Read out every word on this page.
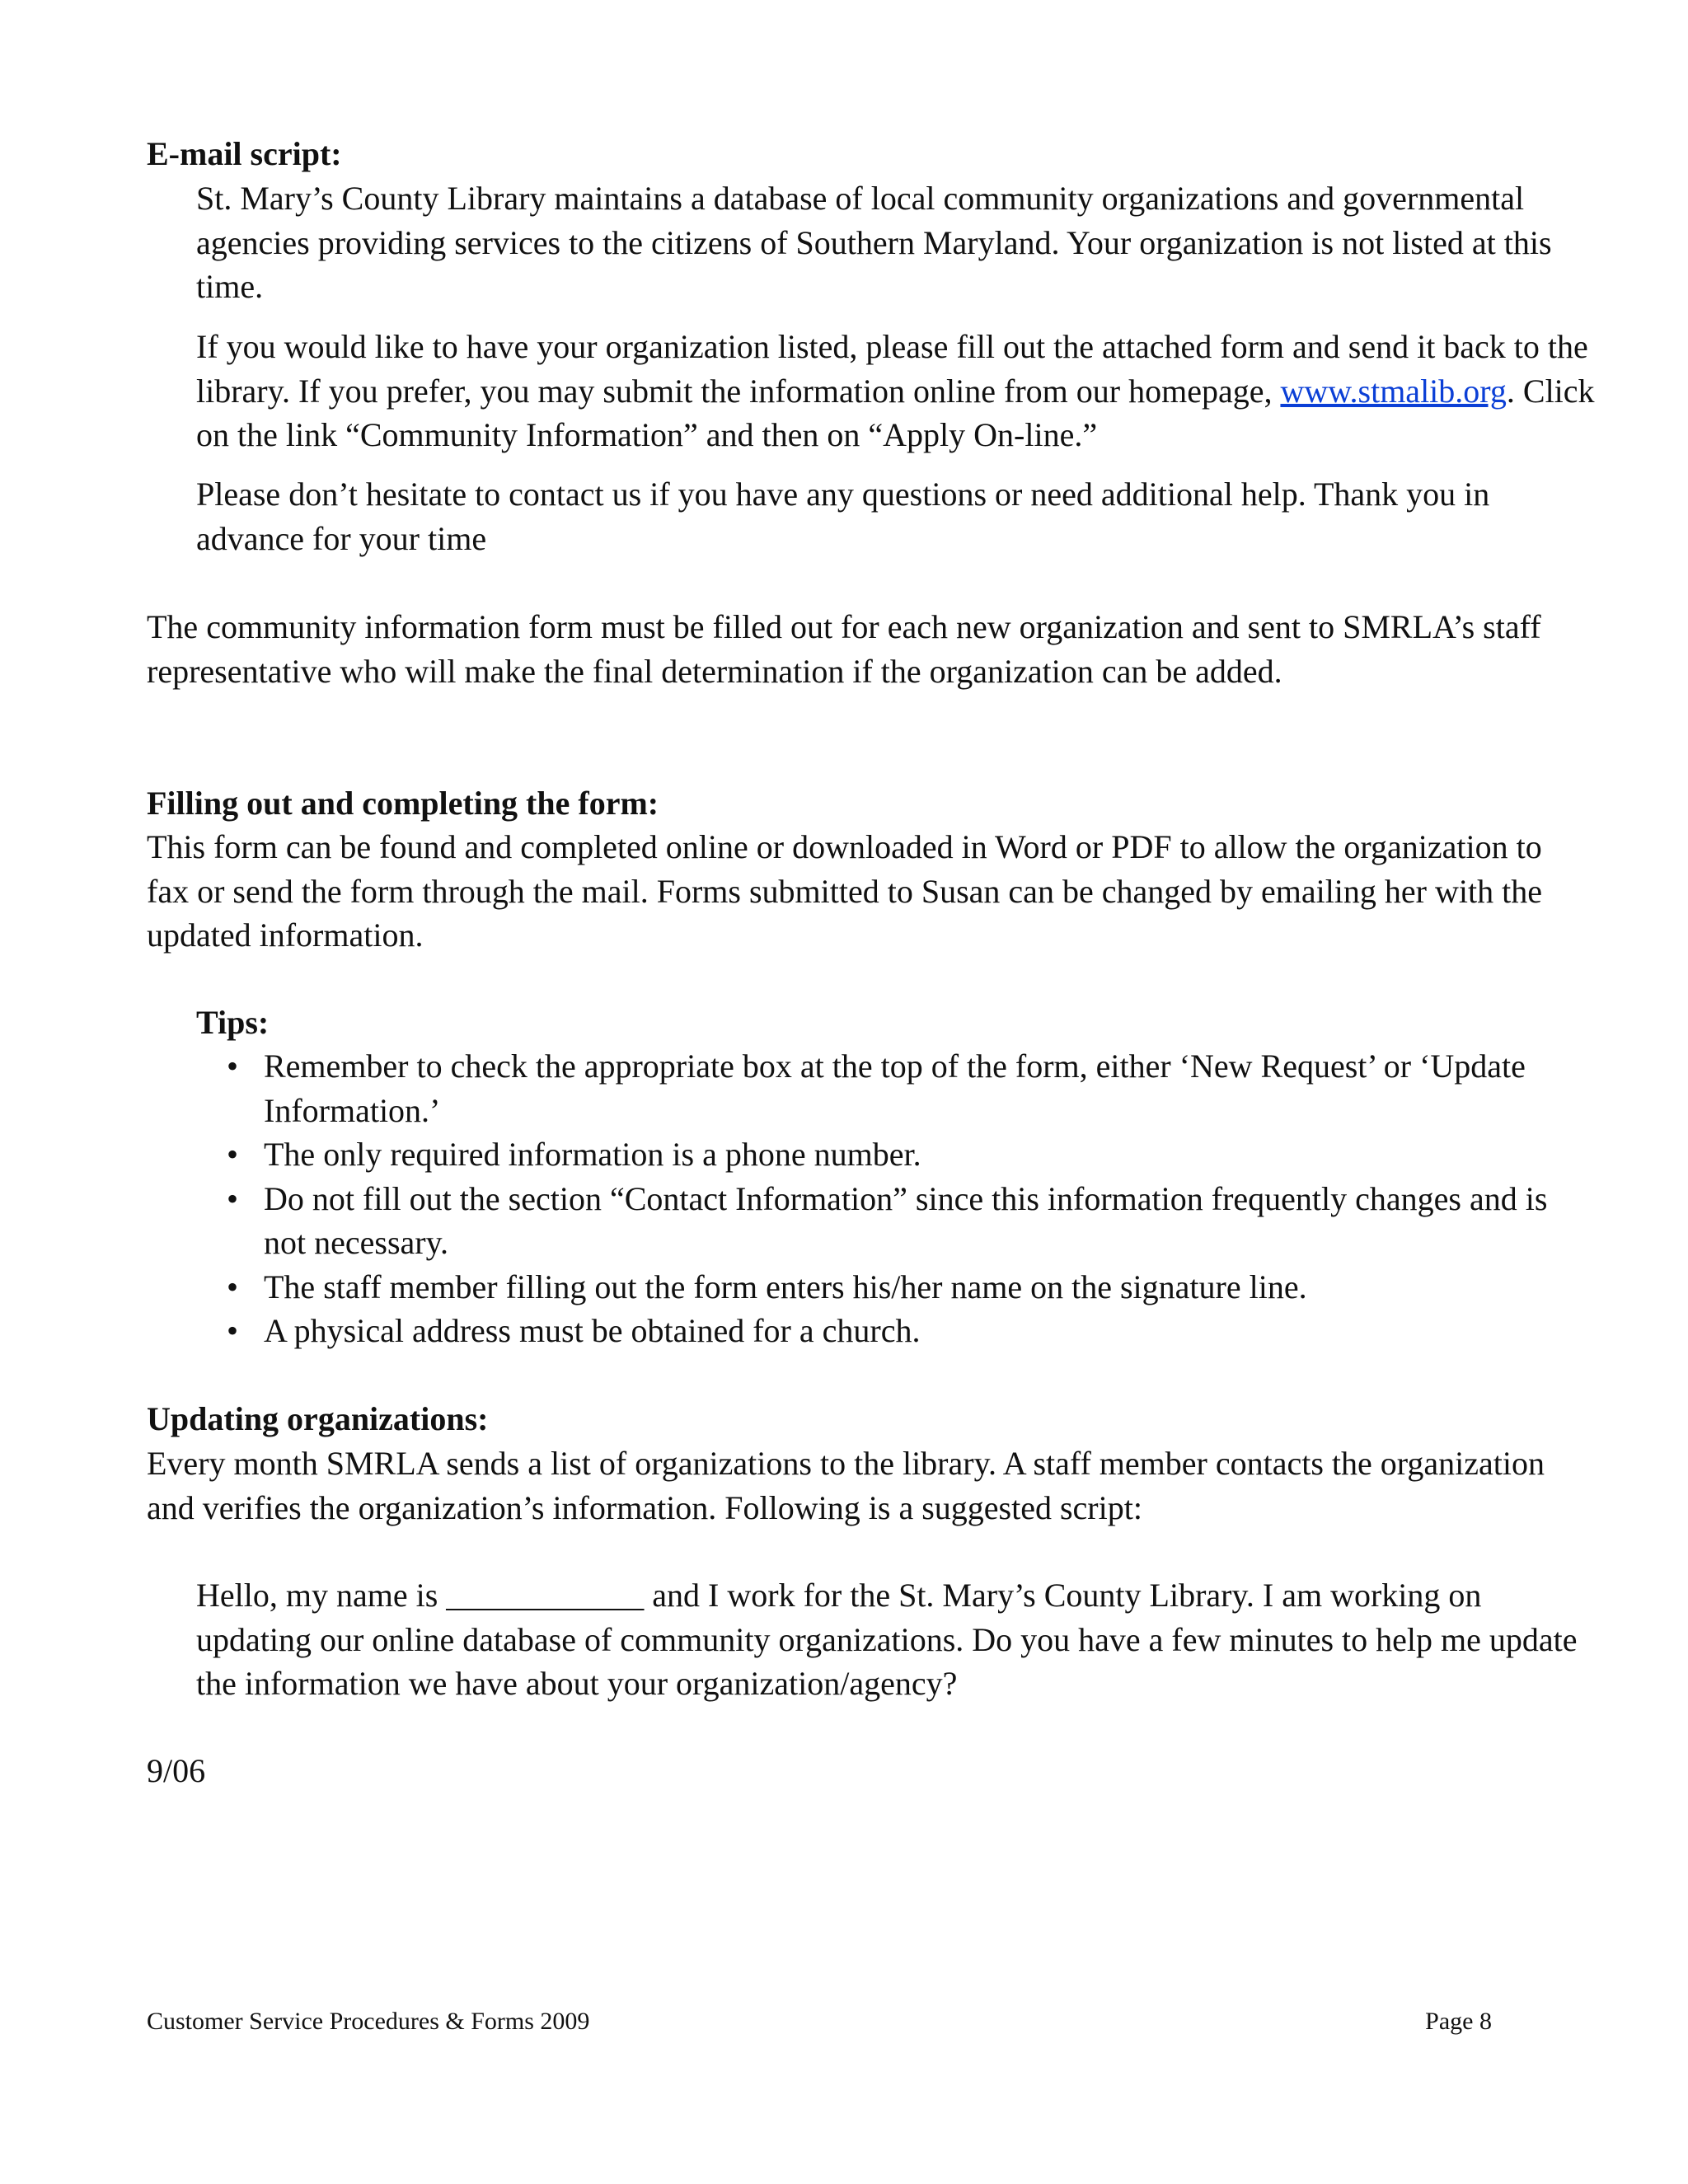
E-mail script:

St. Mary’s County Library maintains a database of local community organizations and governmental agencies providing services to the citizens of Southern Maryland. Your organization is not listed at this time.

If you would like to have your organization listed, please fill out the attached form and send it back to the library. If you prefer, you may submit the information online from our homepage, www.stmalib.org. Click on the link “Community Information” and then on “Apply On-line.”

Please don’t hesitate to contact us if you have any questions or need additional help. Thank you in advance for your time

The community information form must be filled out for each new organization and sent to SMRLA’s staff representative who will make the final determination if the organization can be added.

Filling out and completing the form:

This form can be found and completed online or downloaded in Word or PDF to allow the organization to fax or send the form through the mail. Forms submitted to Susan can be changed by emailing her with the updated information.

Tips:

• Remember to check the appropriate box at the top of the form, either ‘New Request’ or ‘Update Information.’
• The only required information is a phone number.
• Do not fill out the section “Contact Information” since this information frequently changes and is not necessary.
• The staff member filling out the form enters his/her name on the signature line.
• A physical address must be obtained for a church.

Updating organizations:

Every month SMRLA sends a list of organizations to the library. A staff member contacts the organization and verifies the organization’s information. Following is a suggested script:

Hello, my name is ____________ and I work for the St. Mary’s County Library. I am working on updating our online database of community organizations. Do you have a few minutes to help me update the information we have about your organization/agency?

9/06

Customer Service Procedures & Forms 2009	Page 8
